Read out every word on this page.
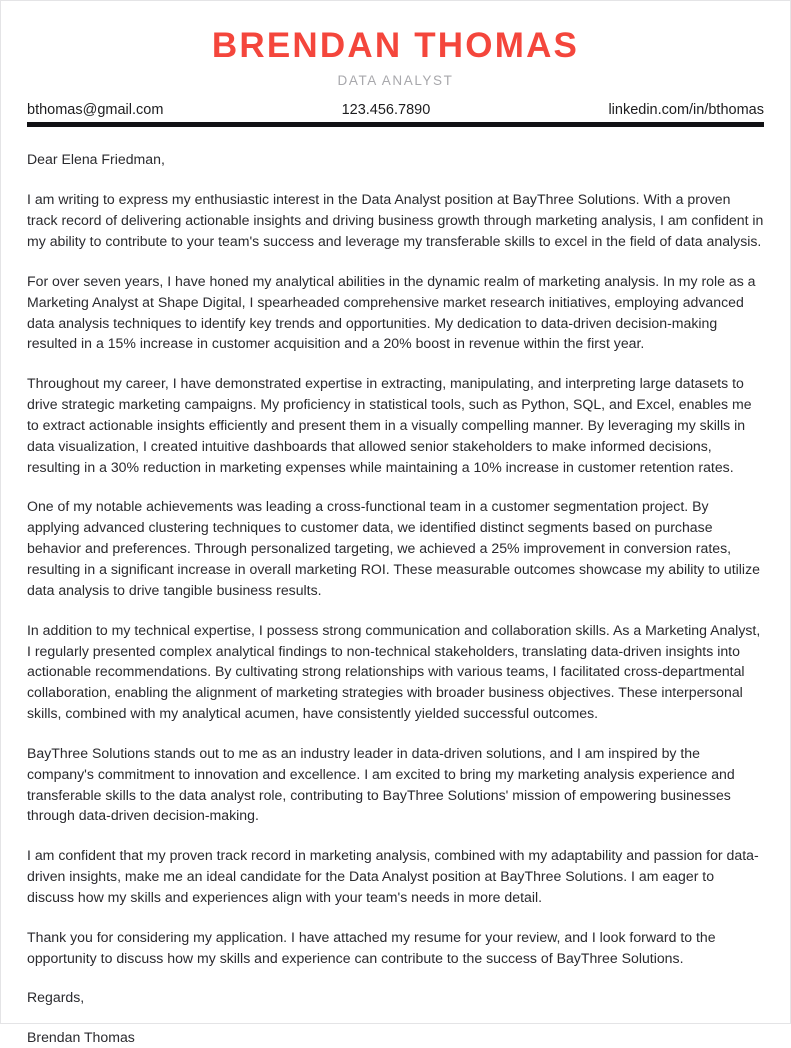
BRENDAN THOMAS
DATA ANALYST
bthomas@gmail.com	123.456.7890	linkedin.com/in/bthomas

Dear Elena Friedman,

I am writing to express my enthusiastic interest in the Data Analyst position at BayThree Solutions. With a proven track record of delivering actionable insights and driving business growth through marketing analysis, I am confident in my ability to contribute to your team's success and leverage my transferable skills to excel in the field of data analysis.

For over seven years, I have honed my analytical abilities in the dynamic realm of marketing analysis. In my role as a Marketing Analyst at Shape Digital, I spearheaded comprehensive market research initiatives, employing advanced data analysis techniques to identify key trends and opportunities. My dedication to data-driven decision-making resulted in a 15% increase in customer acquisition and a 20% boost in revenue within the first year.

Throughout my career, I have demonstrated expertise in extracting, manipulating, and interpreting large datasets to drive strategic marketing campaigns. My proficiency in statistical tools, such as Python, SQL, and Excel, enables me to extract actionable insights efficiently and present them in a visually compelling manner. By leveraging my skills in data visualization, I created intuitive dashboards that allowed senior stakeholders to make informed decisions, resulting in a 30% reduction in marketing expenses while maintaining a 10% increase in customer retention rates.

One of my notable achievements was leading a cross-functional team in a customer segmentation project. By applying advanced clustering techniques to customer data, we identified distinct segments based on purchase behavior and preferences. Through personalized targeting, we achieved a 25% improvement in conversion rates, resulting in a significant increase in overall marketing ROI. These measurable outcomes showcase my ability to utilize data analysis to drive tangible business results.

In addition to my technical expertise, I possess strong communication and collaboration skills. As a Marketing Analyst, I regularly presented complex analytical findings to non-technical stakeholders, translating data-driven insights into actionable recommendations. By cultivating strong relationships with various teams, I facilitated cross-departmental collaboration, enabling the alignment of marketing strategies with broader business objectives. These interpersonal skills, combined with my analytical acumen, have consistently yielded successful outcomes.

BayThree Solutions stands out to me as an industry leader in data-driven solutions, and I am inspired by the company's commitment to innovation and excellence. I am excited to bring my marketing analysis experience and transferable skills to the data analyst role, contributing to BayThree Solutions' mission of empowering businesses through data-driven decision-making.

I am confident that my proven track record in marketing analysis, combined with my adaptability and passion for data-driven insights, make me an ideal candidate for the Data Analyst position at BayThree Solutions. I am eager to discuss how my skills and experiences align with your team's needs in more detail.

Thank you for considering my application. I have attached my resume for your review, and I look forward to the opportunity to discuss how my skills and experience can contribute to the success of BayThree Solutions.

Regards,

Brendan Thomas
